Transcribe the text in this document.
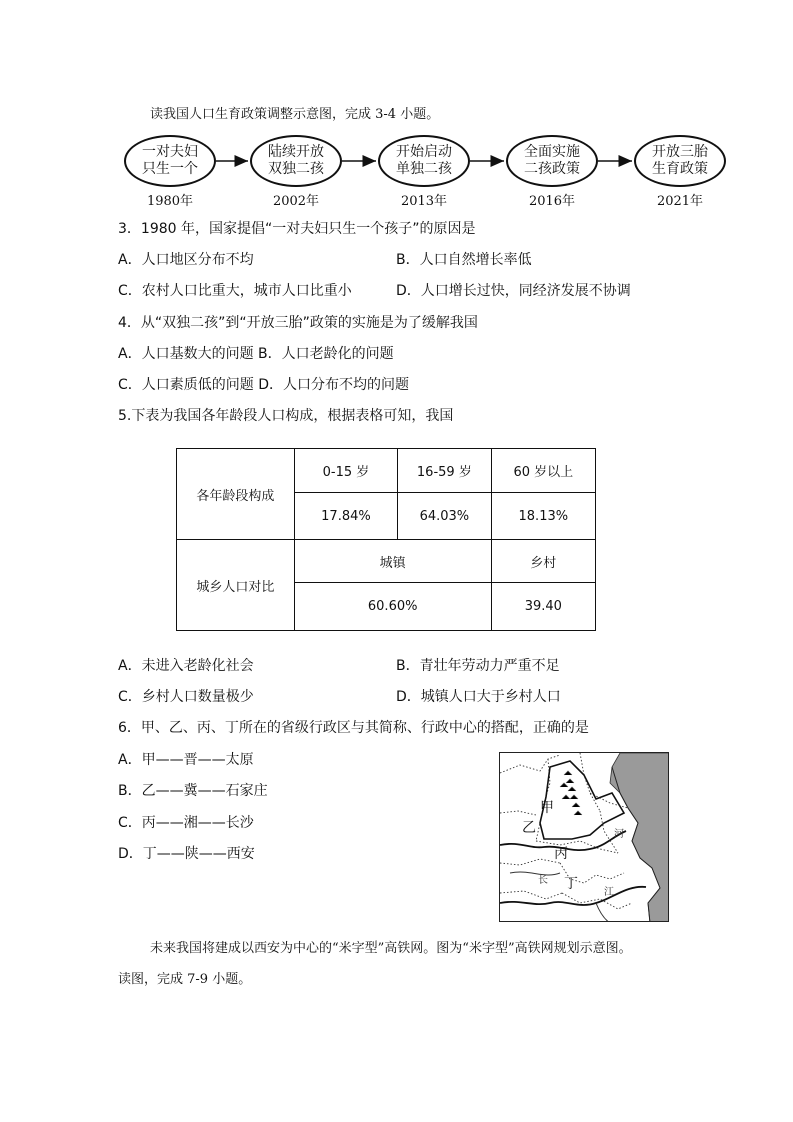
读我国人口生育政策调整示意图，完成 3-4 小题。
一对夫妇
只生一个
陆续开放
双独二孩
开始启动
单独二孩
全面实施
二孩政策
开放三胎
生育政策
1980年	2002年	2013年	2016年	2021年
3．1980 年，国家提倡“一对夫妇只生一个孩子”的原因是
A．人口地区分布不均	B．人口自然增长率低
C．农村人口比重大，城市人口比重小	D．人口增长过快，同经济发展不协调
4．从“双独二孩”到“开放三胎”政策的实施是为了缓解我国
A．人口基数大的问题 B．人口老龄化的问题
C．人口素质低的问题 D．人口分布不均的问题
5.下表为我国各年龄段人口构成，根据表格可知，我国
各年龄段构成	0-15 岁	16-59 岁	60 岁以上
	17.84%	64.03%	18.13%
城乡人口对比	城镇		乡村
	60.60%		39.40
A．未进入老龄化社会	B．青壮年劳动力严重不足
C．乡村人口数量极少	D．城镇人口大于乡村人口
6．甲、乙、丙、丁所在的省级行政区与其简称、行政中心的搭配，正确的是
A．甲——晋——太原
B．乙——冀——石家庄
C．丙——湘——长沙
D．丁——陕——西安
甲
乙
丙
丁
河
江
长
未来我国将建成以西安为中心的“米字型”高铁网。图为“米字型”高铁网规划示意图。
读图，完成 7-9 小题。
